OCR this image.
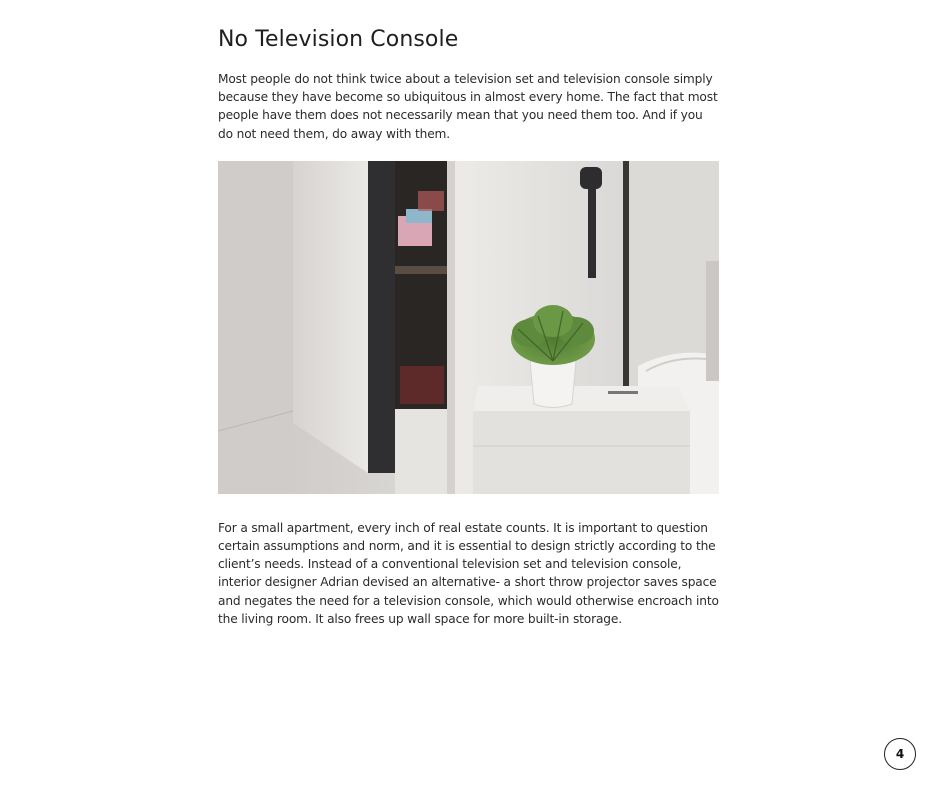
No Television Console

Most people do not think twice about a television set and television console simply because they have become so ubiquitous in almost every home. The fact that most people have them does not necessarily mean that you need them too. And if you do not need them, do away with them.

For a small apartment, every inch of real estate counts. It is important to question certain assumptions and norm, and it is essential to design strictly according to the client’s needs. Instead of a conventional television set and television console, interior designer Adrian devised an alternative- a short throw projector saves space and negates the need for a television console, which would otherwise encroach into the living room. It also frees up wall space for more built-in storage.

4
